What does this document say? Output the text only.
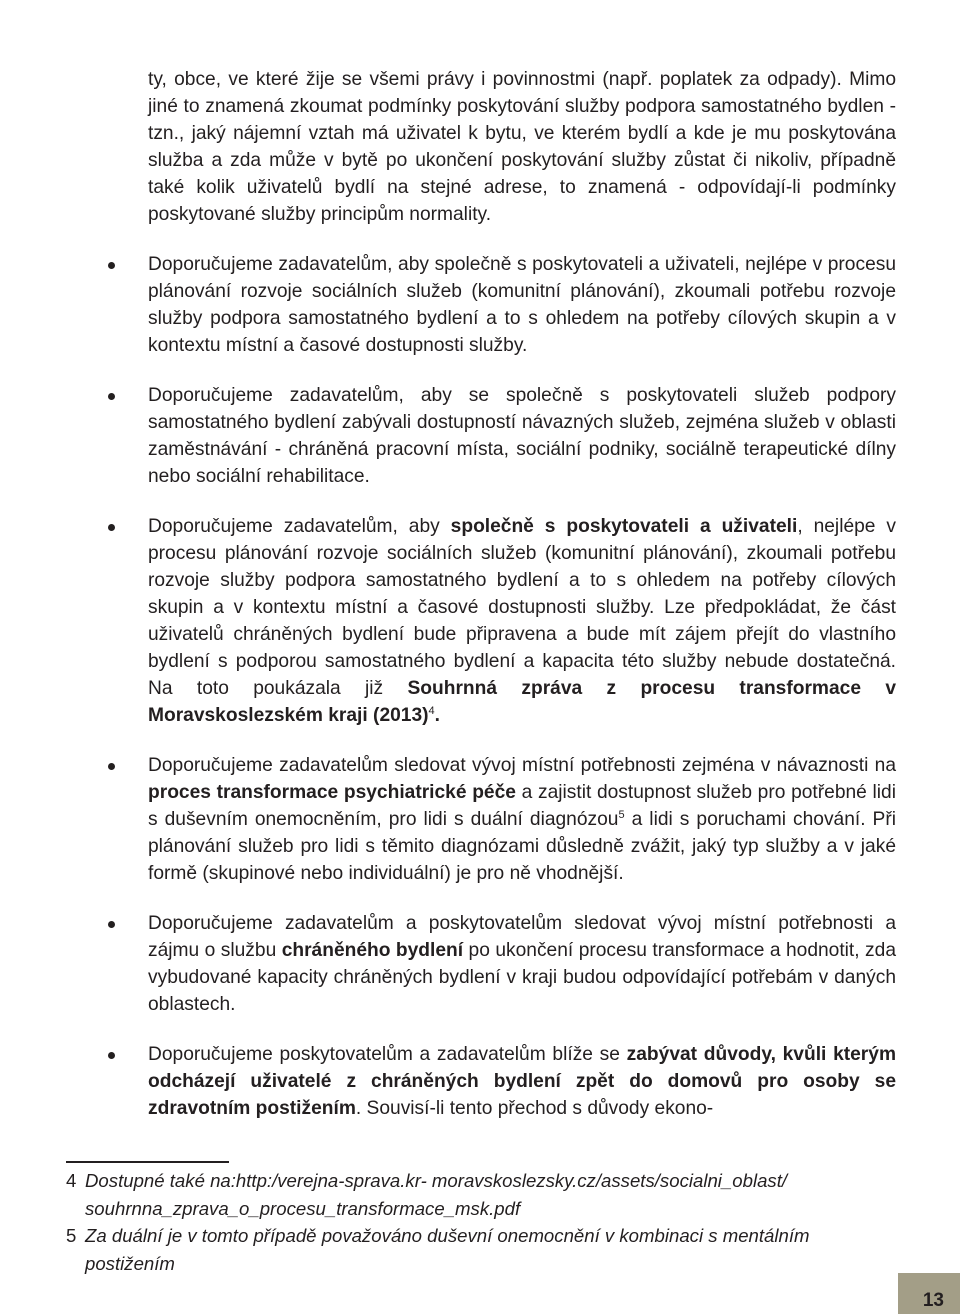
ty, obce, ve které žije se všemi právy i povinnostmi (např. poplatek za odpady). Mimo jiné to znamená zkoumat podmínky poskytování služby podpora samostatného bydlen - tzn., jaký nájemní vztah má uživatel k bytu, ve kterém bydlí a kde je mu poskytována služba a zda může v bytě po ukončení poskytování služby zůstat či nikoliv, případně také kolik uživatelů bydlí na stejné adrese, to znamená - odpovídají-li podmínky poskytované služby principům normality.

Doporučujeme zadavatelům, aby společně s poskytovateli a uživateli, nejlépe v procesu plánování rozvoje sociálních služeb (komunitní plánování), zkoumali potřebu rozvoje služby podpora samostatného bydlení a to s ohledem na potřeby cílových skupin a v kontextu místní a časové dostupnosti služby.

Doporučujeme zadavatelům, aby se společně s poskytovateli služeb podpory samostatného bydlení zabývali dostupností návazných služeb, zejména služeb v oblasti zaměstnávání - chráněná pracovní místa, sociální podniky, sociálně terapeutické dílny nebo sociální rehabilitace.

Doporučujeme zadavatelům, aby společně s poskytovateli a uživateli, nejlépe v procesu plánování rozvoje sociálních služeb (komunitní plánování), zkoumali potřebu rozvoje služby podpora samostatného bydlení a to s ohledem na potřeby cílových skupin a v kontextu místní a časové dostupnosti služby. Lze předpokládat, že část uživatelů chráněných bydlení bude připravena a bude mít zájem přejít do vlastního bydlení s podporou samostatného bydlení a kapacita této služby nebude dostatečná. Na toto poukázala již Souhrnná zpráva z procesu transformace v Moravskoslezském kraji $(2013)^4$.

Doporučujeme zadavatelům sledovat vývoj místní potřebnosti zejména v návaznosti na proces transformace psychiatrické péče a zajistit dostupnost služeb pro potřebné lidi s duševním onemocněním, pro lidi s duální diagnózou$^5$ a lidi s poruchami chování. Při plánování služeb pro lidi s těmito diagnózami důsledně zvážit, jaký typ služby a v jaké formě (skupinové nebo individuální) je pro ně vhodnější.

Doporučujeme zadavatelům a poskytovatelům sledovat vývoj místní potřebnosti a zájmu o službu chráněného bydlení po ukončení procesu transformace a hodnotit, zda vybudované kapacity chráněných bydlení v kraji budou odpovídající potřebám v daných oblastech.

Doporučujeme poskytovatelům a zadavatelům blíže se zabývat důvody, kvůli kterým odcházejí uživatelé z chráněných bydlení zpět do domovů pro osoby se zdravotním postižením. Souvisí-li tento přechod s důvody ekono-

4 Dostupné také na:http:/verejna-sprava.kr- moravskoslezsky.cz/assets/socialni_oblast/ souhrnna_zprava_o_procesu_transformace_msk.pdf
5 Za duální je v tomto případě považováno duševní onemocnění v kombinaci s mentálním postižením
13
